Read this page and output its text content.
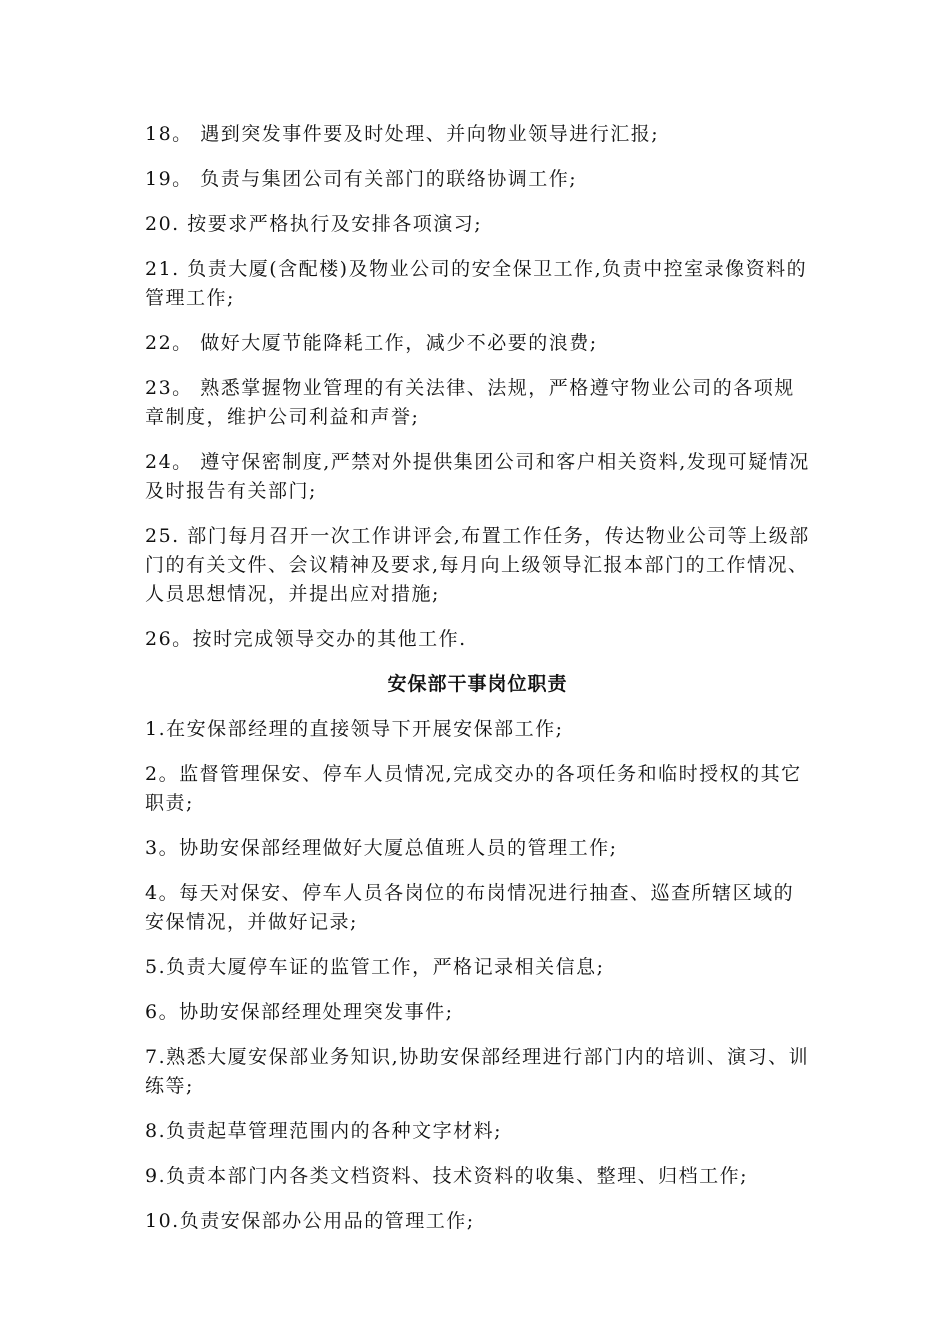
18。 遇到突发事件要及时处理、并向物业领导进行汇报;

19。 负责与集团公司有关部门的联络协调工作;

20. 按要求严格执行及安排各项演习;

21. 负责大厦(含配楼)及物业公司的安全保卫工作,负责中控室录像资料的管理工作;

22。 做好大厦节能降耗工作，减少不必要的浪费;

23。 熟悉掌握物业管理的有关法律、法规，严格遵守物业公司的各项规章制度，维护公司利益和声誉;

24。 遵守保密制度,严禁对外提供集团公司和客户相关资料,发现可疑情况及时报告有关部门;

25. 部门每月召开一次工作讲评会,布置工作任务，传达物业公司等上级部门的有关文件、会议精神及要求,每月向上级领导汇报本部门的工作情况、人员思想情况，并提出应对措施;

26。按时完成领导交办的其他工作.

安保部干事岗位职责

1.在安保部经理的直接领导下开展安保部工作;

2。监督管理保安、停车人员情况,完成交办的各项任务和临时授权的其它职责;

3。协助安保部经理做好大厦总值班人员的管理工作;

4。每天对保安、停车人员各岗位的布岗情况进行抽查、巡查所辖区域的安保情况，并做好记录;

5.负责大厦停车证的监管工作，严格记录相关信息;

6。协助安保部经理处理突发事件;

7.熟悉大厦安保部业务知识,协助安保部经理进行部门内的培训、演习、训练等;

8.负责起草管理范围内的各种文字材料;

9.负责本部门内各类文档资料、技术资料的收集、整理、归档工作;

10.负责安保部办公用品的管理工作;
